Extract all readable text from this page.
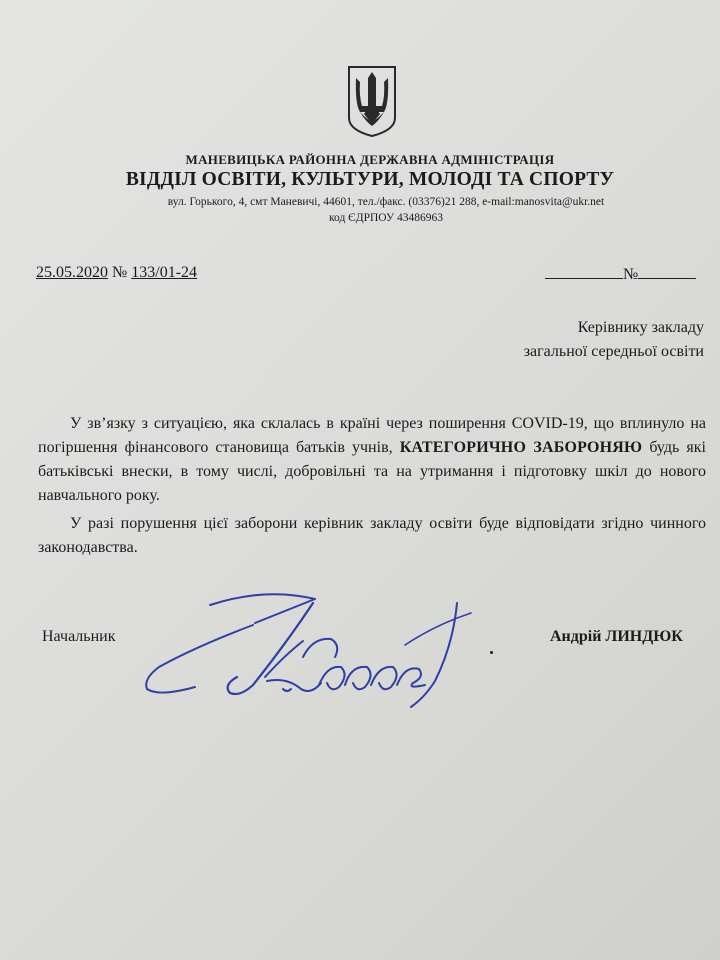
МАНЕВИЦЬКА РАЙОННА ДЕРЖАВНА АДМІНІСТРАЦІЯ
ВІДДІЛ ОСВІТИ, КУЛЬТУРИ, МОЛОДІ ТА СПОРТУ
вул. Горького, 4, смт Маневичі, 44601, тел./факс. (03376)21 288, e-mail:manosvita@ukr.net
код ЄДРПОУ 43486963
25.05.2020 № 133/01-24	№
Керівнику закладу
загальної середньої освіти

У зв’язку з ситуацією, яка склалась в країні через поширення COVID-19, що вплинуло на погіршення фінансового становища батьків учнів, КАТЕГОРИЧНО ЗАБОРОНЯЮ будь які батьківські внески, в тому числі, добровільні та на утримання і підготовку шкіл до нового навчального року.

У разі порушення цієї заборони керівник закладу освіти буде відповідати згідно чинного законодавства.

Начальник	Андрій ЛИНДЮК
